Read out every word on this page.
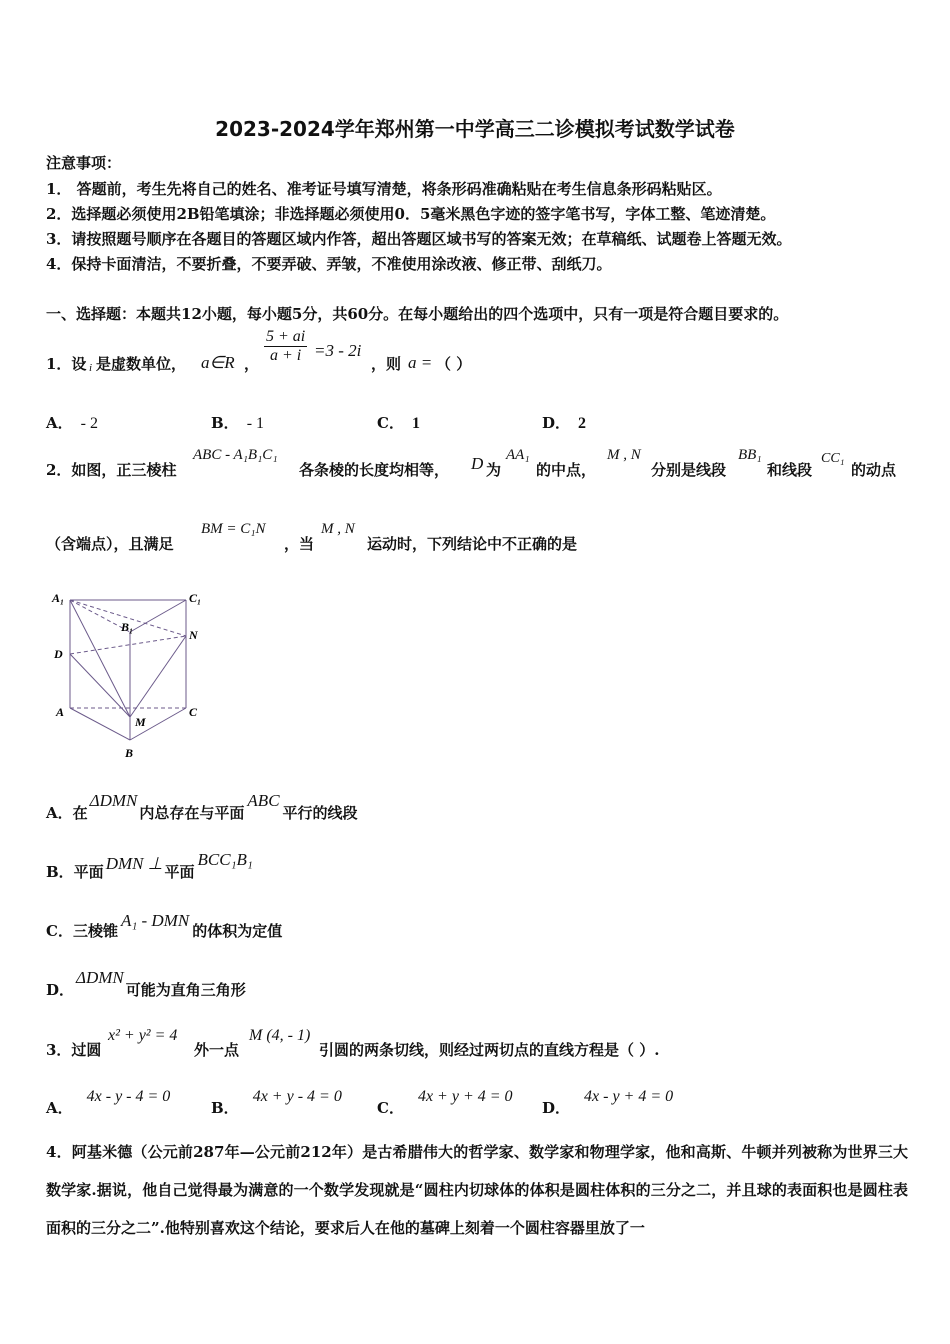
2023-2024学年郑州第一中学高三二诊模拟考试数学试卷
注意事项：
1． 答题前，考生先将自己的姓名、准考证号填写清楚，将条形码准确粘贴在考生信息条形码粘贴区。
2．选择题必须使用2B铅笔填涂；非选择题必须使用0．5毫米黑色字迹的签字笔书写，字体工整、笔迹清楚。
3．请按照题号顺序在各题目的答题区域内作答，超出答题区域书写的答案无效；在草稿纸、试题卷上答题无效。
4．保持卡面清洁，不要折叠，不要弄破、弄皱，不准使用涂改液、修正带、刮纸刀。
一、选择题：本题共12小题，每小题5分，共60分。在每小题给出的四个选项中，只有一项是符合题目要求的。
1．设 i 是虚数单位， a∈R ， $\frac{5 + ai}{a + i} =3 - 2i$
，则 a = （ ）
A． - 2	B． - 1	C． 1	D． 2
2．如图，正三棱柱
ABC - A₁B₁C₁
各条棱的长度均相等， D 为
AA₁
的中点，
M , N
分别是线段
BB₁
和线段
CC₁
的动点
（含端点），且满足
BM = C₁N
，当
M , N
运动时，下列结论中不正确的是
A₁	C₁
B₁
N
D
A	C
M
B
A．在ΔDMN内总存在与平面ABC平行的线段
B．平面 DMN ⊥ 平面BCC₁B₁
C．三棱锥A₁ - DMN的体积为定值
D．ΔDMN可能为直角三角形
3．过圆
x² + y² = 4
外一点
M (4, - 1)
引圆的两条切线，则经过两切点的直线方程是（ ）.
A．4x - y - 4 = 0
B．4x + y - 4 = 0
C．4x + y + 4 = 0
D．4x - y + 4 = 0
4．阿基米德（公元前287年—公元前212年）是古希腊伟大的哲学家、数学家和物理学家，他和高斯、牛顿并列被称为世界三大数学家.据说，他自己觉得最为满意的一个数学发现就是“圆柱内切球体的体积是圆柱体积的三分之二，并且球的表面积也是圆柱表面积的三分之二”.他特别喜欢这个结论，要求后人在他的墓碑上刻着一个圆柱容器里放了一
